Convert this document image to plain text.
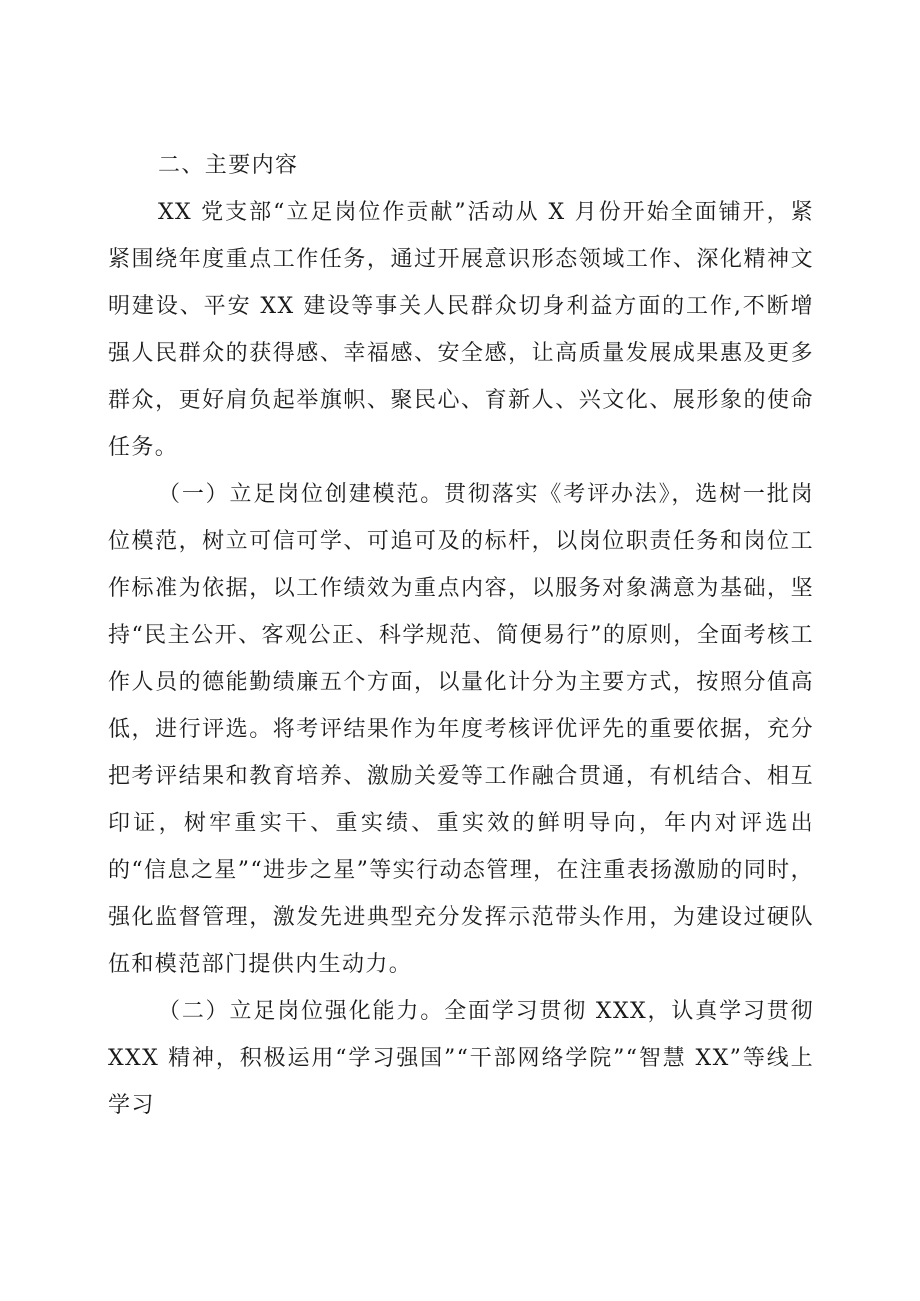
二、主要内容

XX 党支部“立足岗位作贡献”活动从 X 月份开始全面铺开，紧紧围绕年度重点工作任务，通过开展意识形态领域工作、深化精神文明建设、平安 XX 建设等事关人民群众切身利益方面的工作,不断增强人民群众的获得感、幸福感、安全感，让高质量发展成果惠及更多群众，更好肩负起举旗帜、聚民心、育新人、兴文化、展形象的使命任务。

（一）立足岗位创建模范。贯彻落实《考评办法》，选树一批岗位模范，树立可信可学、可追可及的标杆，以岗位职责任务和岗位工作标准为依据，以工作绩效为重点内容，以服务对象满意为基础，坚持“民主公开、客观公正、科学规范、简便易行”的原则，全面考核工作人员的德能勤绩廉五个方面，以量化计分为主要方式，按照分值高低，进行评选。将考评结果作为年度考核评优评先的重要依据，充分把考评结果和教育培养、激励关爱等工作融合贯通，有机结合、相互印证，树牢重实干、重实绩、重实效的鲜明导向，年内对评选出的“信息之星”“进步之星”等实行动态管理，在注重表扬激励的同时，强化监督管理，激发先进典型充分发挥示范带头作用，为建设过硬队伍和模范部门提供内生动力。

（二）立足岗位强化能力。全面学习贯彻 XXX，认真学习贯彻 XXX 精神，积极运用“学习强国”“干部网络学院”“智慧 XX”等线上学习
